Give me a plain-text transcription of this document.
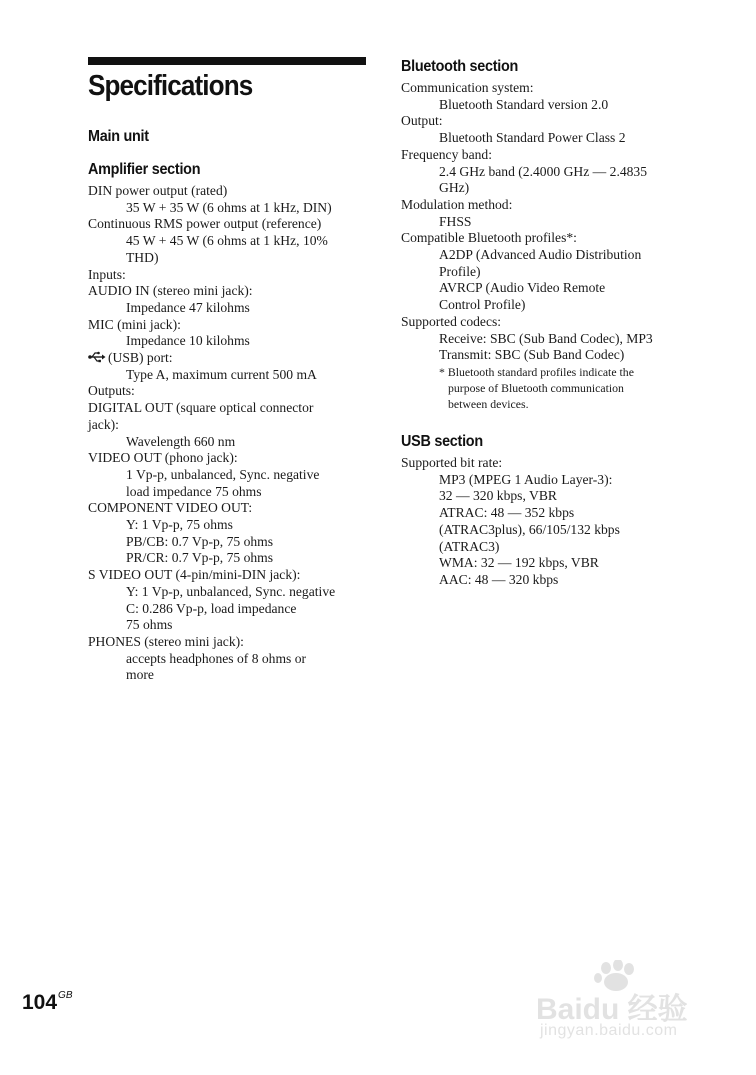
Specifications
Main unit
Amplifier section

DIN power output (rated)

35 W + 35 W (6 ohms at 1 kHz, DIN)

Continuous RMS power output (reference)

45 W + 45 W (6 ohms at 1 kHz, 10%

THD)

Inputs:

AUDIO IN (stereo mini jack):

Impedance 47 kilohms

MIC (mini jack):

Impedance 10 kilohms

(USB) port:

Type A, maximum current 500 mA

Outputs:

DIGITAL OUT (square optical connector

jack):

Wavelength 660 nm

VIDEO OUT (phono jack):

1 Vp-p, unbalanced, Sync. negative

load impedance 75 ohms

COMPONENT VIDEO OUT:

Y: 1 Vp-p, 75 ohms

PB/CB: 0.7 Vp-p, 75 ohms

PR/CR: 0.7 Vp-p, 75 ohms

S VIDEO OUT (4-pin/mini-DIN jack):

Y: 1 Vp-p, unbalanced, Sync. negative

C: 0.286 Vp-p, load impedance

75 ohms

PHONES (stereo mini jack):

accepts headphones of 8 ohms or

more

Bluetooth section

Communication system:

Bluetooth Standard version 2.0

Output:

Bluetooth Standard Power Class 2

Frequency band:

2.4 GHz band (2.4000 GHz — 2.4835

GHz)

Modulation method:

FHSS

Compatible Bluetooth profiles*:

A2DP (Advanced Audio Distribution

Profile)

AVRCP (Audio Video Remote

Control Profile)

Supported codecs:

Receive: SBC (Sub Band Codec), MP3

Transmit: SBC (Sub Band Codec)

* Bluetooth standard profiles indicate the

purpose of Bluetooth communication

between devices.

USB section

Supported bit rate:

MP3 (MPEG 1 Audio Layer-3):

32 — 320 kbps, VBR

ATRAC: 48 — 352 kbps

(ATRAC3plus), 66/105/132 kbps

(ATRAC3)

WMA: 32 — 192 kbps, VBR

AAC: 48 — 320 kbps

$104^{GB}$	Baidu 经验
jingyan.baidu.com
